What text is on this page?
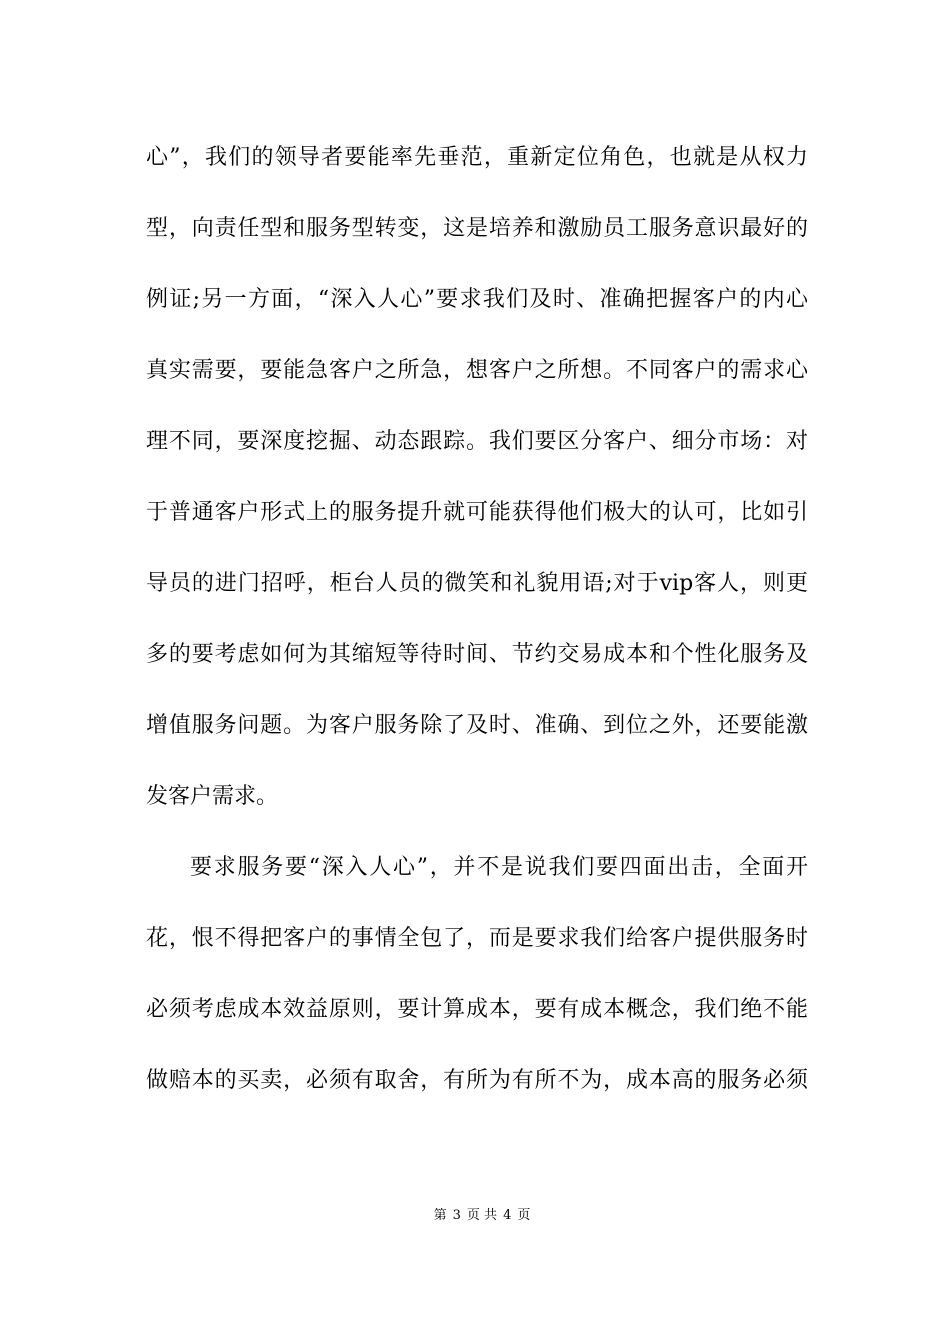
心”，我们的领导者要能率先垂范，重新定位角色，也就是从权力
型，向责任型和服务型转变，这是培养和激励员工服务意识最好的
例证;另一方面，“深入人心”要求我们及时、准确把握客户的内心
真实需要，要能急客户之所急，想客户之所想。不同客户的需求心
理不同，要深度挖掘、动态跟踪。我们要区分客户、细分市场：对
于普通客户形式上的服务提升就可能获得他们极大的认可，比如引
导员的进门招呼，柜台人员的微笑和礼貌用语;对于vip客人，则更
多的要考虑如何为其缩短等待时间、节约交易成本和个性化服务及
增值服务问题。为客户服务除了及时、准确、到位之外，还要能激
发客户需求。
要求服务要“深入人心”，并不是说我们要四面出击，全面开
花，恨不得把客户的事情全包了，而是要求我们给客户提供服务时
必须考虑成本效益原则，要计算成本，要有成本概念，我们绝不能
做赔本的买卖，必须有取舍，有所为有所不为，成本高的服务必须
第 3 页 共 4 页
